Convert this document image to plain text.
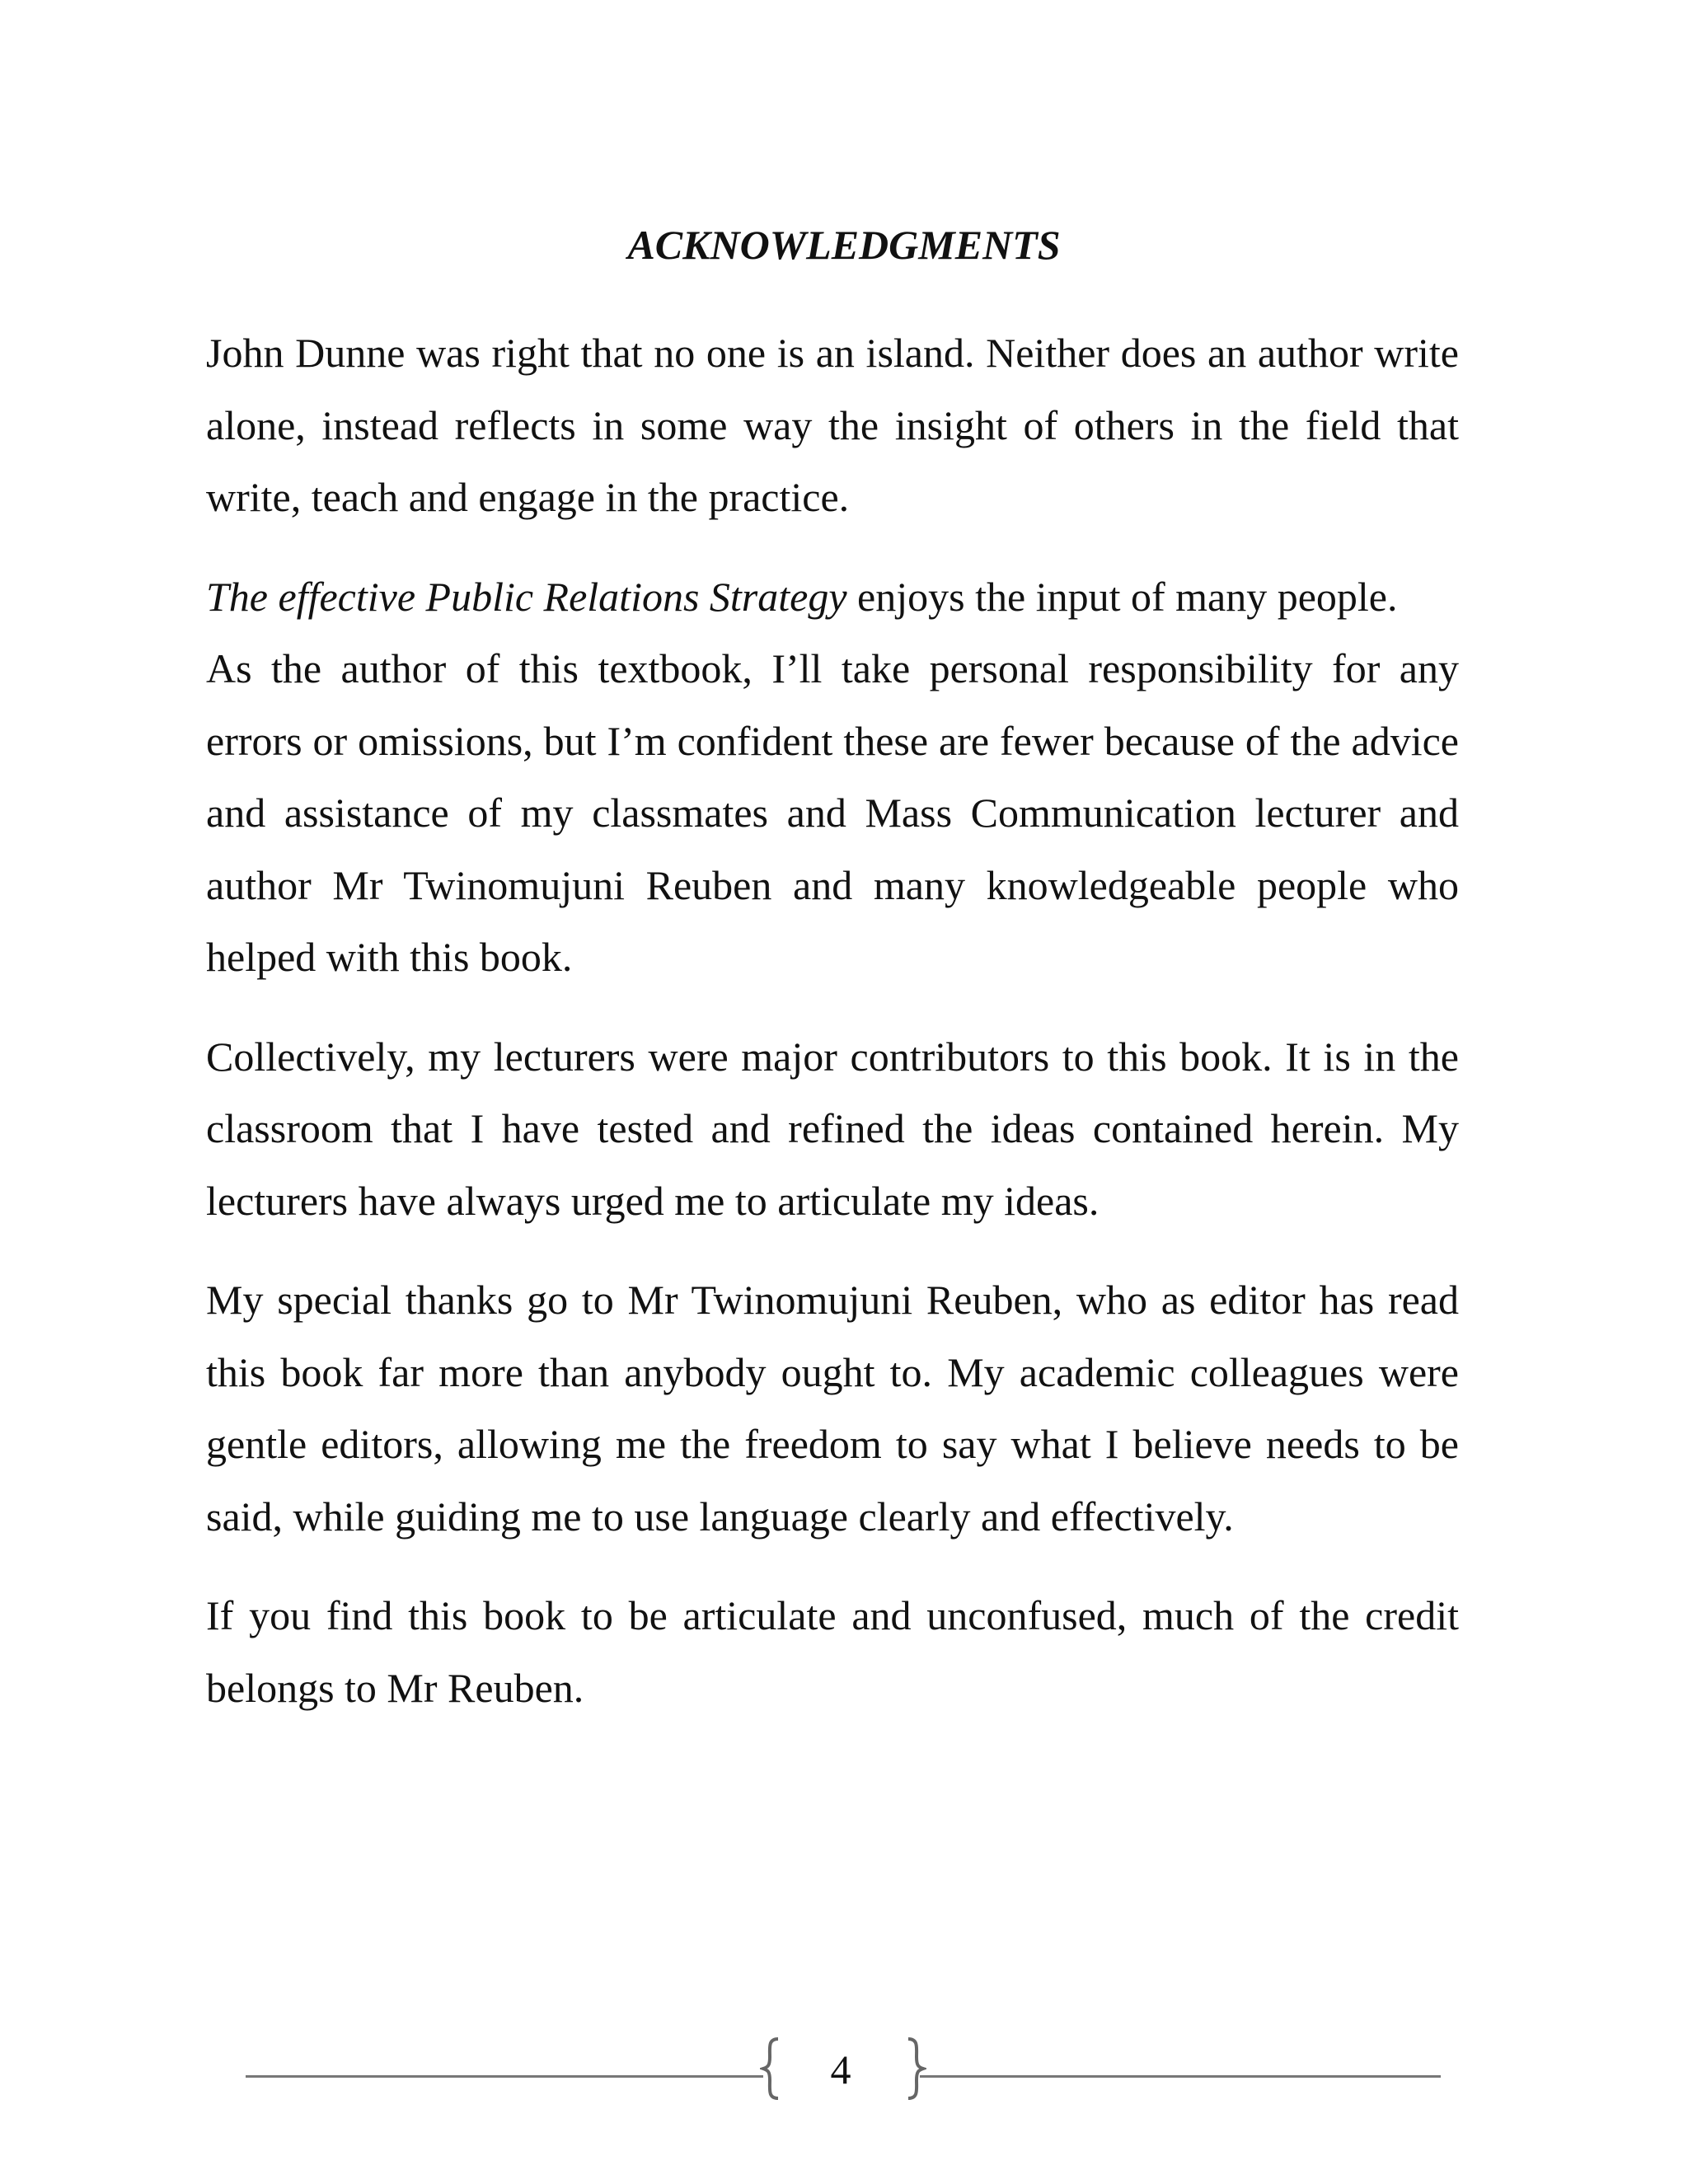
ACKNOWLEDGMENTS

John Dunne was right that no one is an island. Neither does an author write alone, instead reflects in some way the insight of others in the field that write, teach and engage in the practice.

The effective Public Relations Strategy enjoys the input of many people.

As the author of this textbook, I’ll take personal responsibility for any errors or omissions, but I’m confident these are fewer because of the advice and assistance of my classmates and Mass Communication lecturer and author Mr Twinomujuni Reuben and many knowledgeable people who helped with this book.

Collectively, my lecturers were major contributors to this book. It is in the classroom that I have tested and refined the ideas contained herein. My lecturers have always urged me to articulate my ideas.

My special thanks go to Mr Twinomujuni Reuben, who as editor has read this book far more than anybody ought to. My academic colleagues were gentle editors, allowing me the freedom to say what I believe needs to be said, while guiding me to use language clearly and effectively.

If you find this book to be articulate and unconfused, much of the credit belongs to Mr Reuben.

4
